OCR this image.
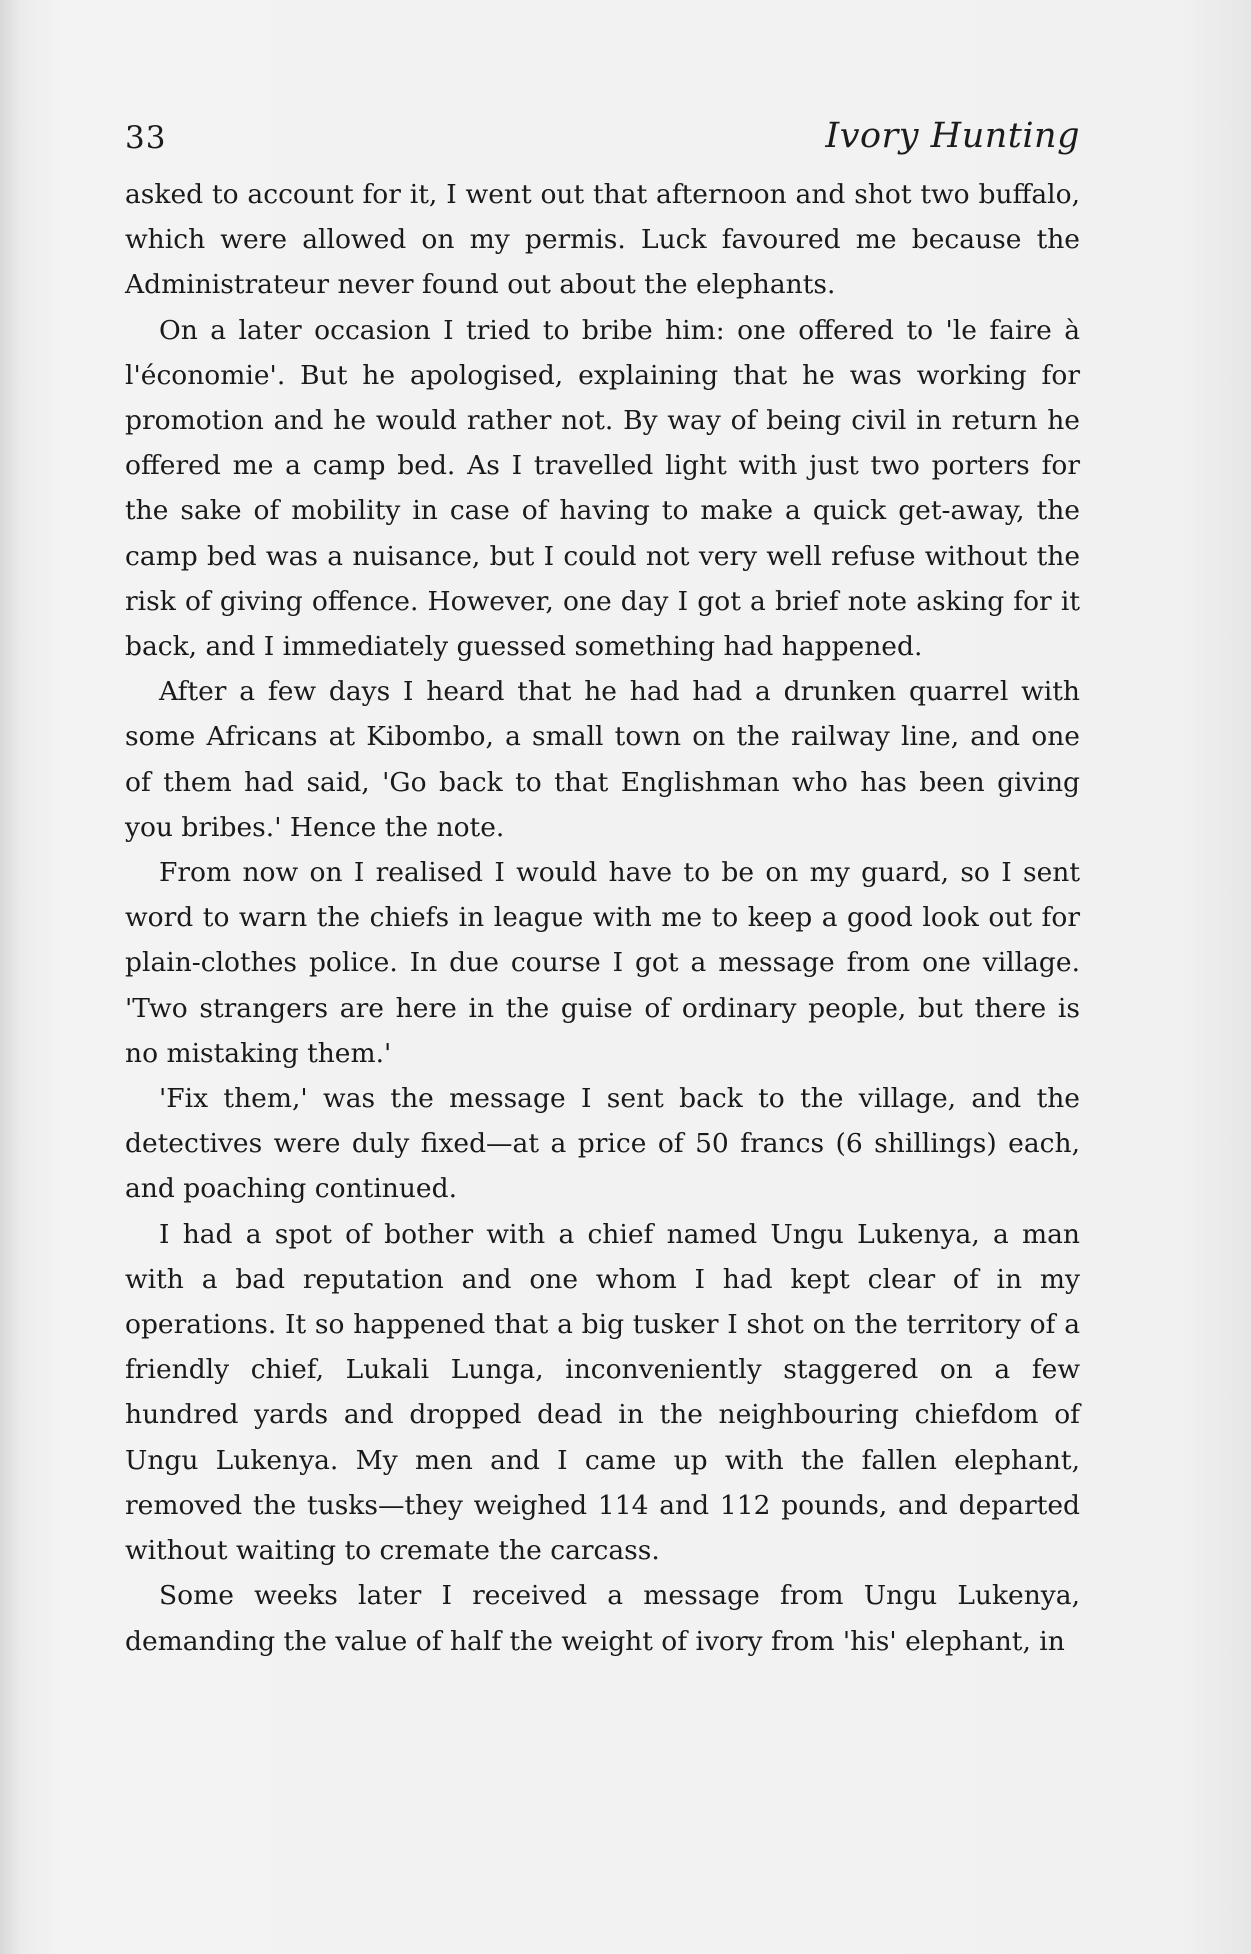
33	Ivory Hunting

asked to account for it, I went out that afternoon and shot two buffalo, which were allowed on my permis. Luck favoured me because the Administrateur never found out about the elephants.

On a later occasion I tried to bribe him: one offered to 'le faire à l'économie'. But he apologised, explaining that he was working for promotion and he would rather not. By way of being civil in return he offered me a camp bed. As I travelled light with just two porters for the sake of mobility in case of having to make a quick get-away, the camp bed was a nuisance, but I could not very well refuse without the risk of giving offence. However, one day I got a brief note asking for it back, and I immediately guessed something had happened.

After a few days I heard that he had had a drunken quarrel with some Africans at Kibombo, a small town on the railway line, and one of them had said, 'Go back to that Englishman who has been giving you bribes.' Hence the note.

From now on I realised I would have to be on my guard, so I sent word to warn the chiefs in league with me to keep a good look out for plain-clothes police. In due course I got a message from one village. 'Two strangers are here in the guise of ordinary people, but there is no mistaking them.'

'Fix them,' was the message I sent back to the village, and the detectives were duly fixed—at a price of 50 francs (6 shillings) each, and poaching continued.

I had a spot of bother with a chief named Ungu Lukenya, a man with a bad reputation and one whom I had kept clear of in my operations. It so happened that a big tusker I shot on the territory of a friendly chief, Lukali Lunga, inconveniently staggered on a few hundred yards and dropped dead in the neighbouring chiefdom of Ungu Lukenya. My men and I came up with the fallen elephant, removed the tusks—they weighed 114 and 112 pounds, and departed without waiting to cremate the carcass.

Some weeks later I received a message from Ungu Lukenya, demanding the value of half the weight of ivory from 'his' elephant, in
